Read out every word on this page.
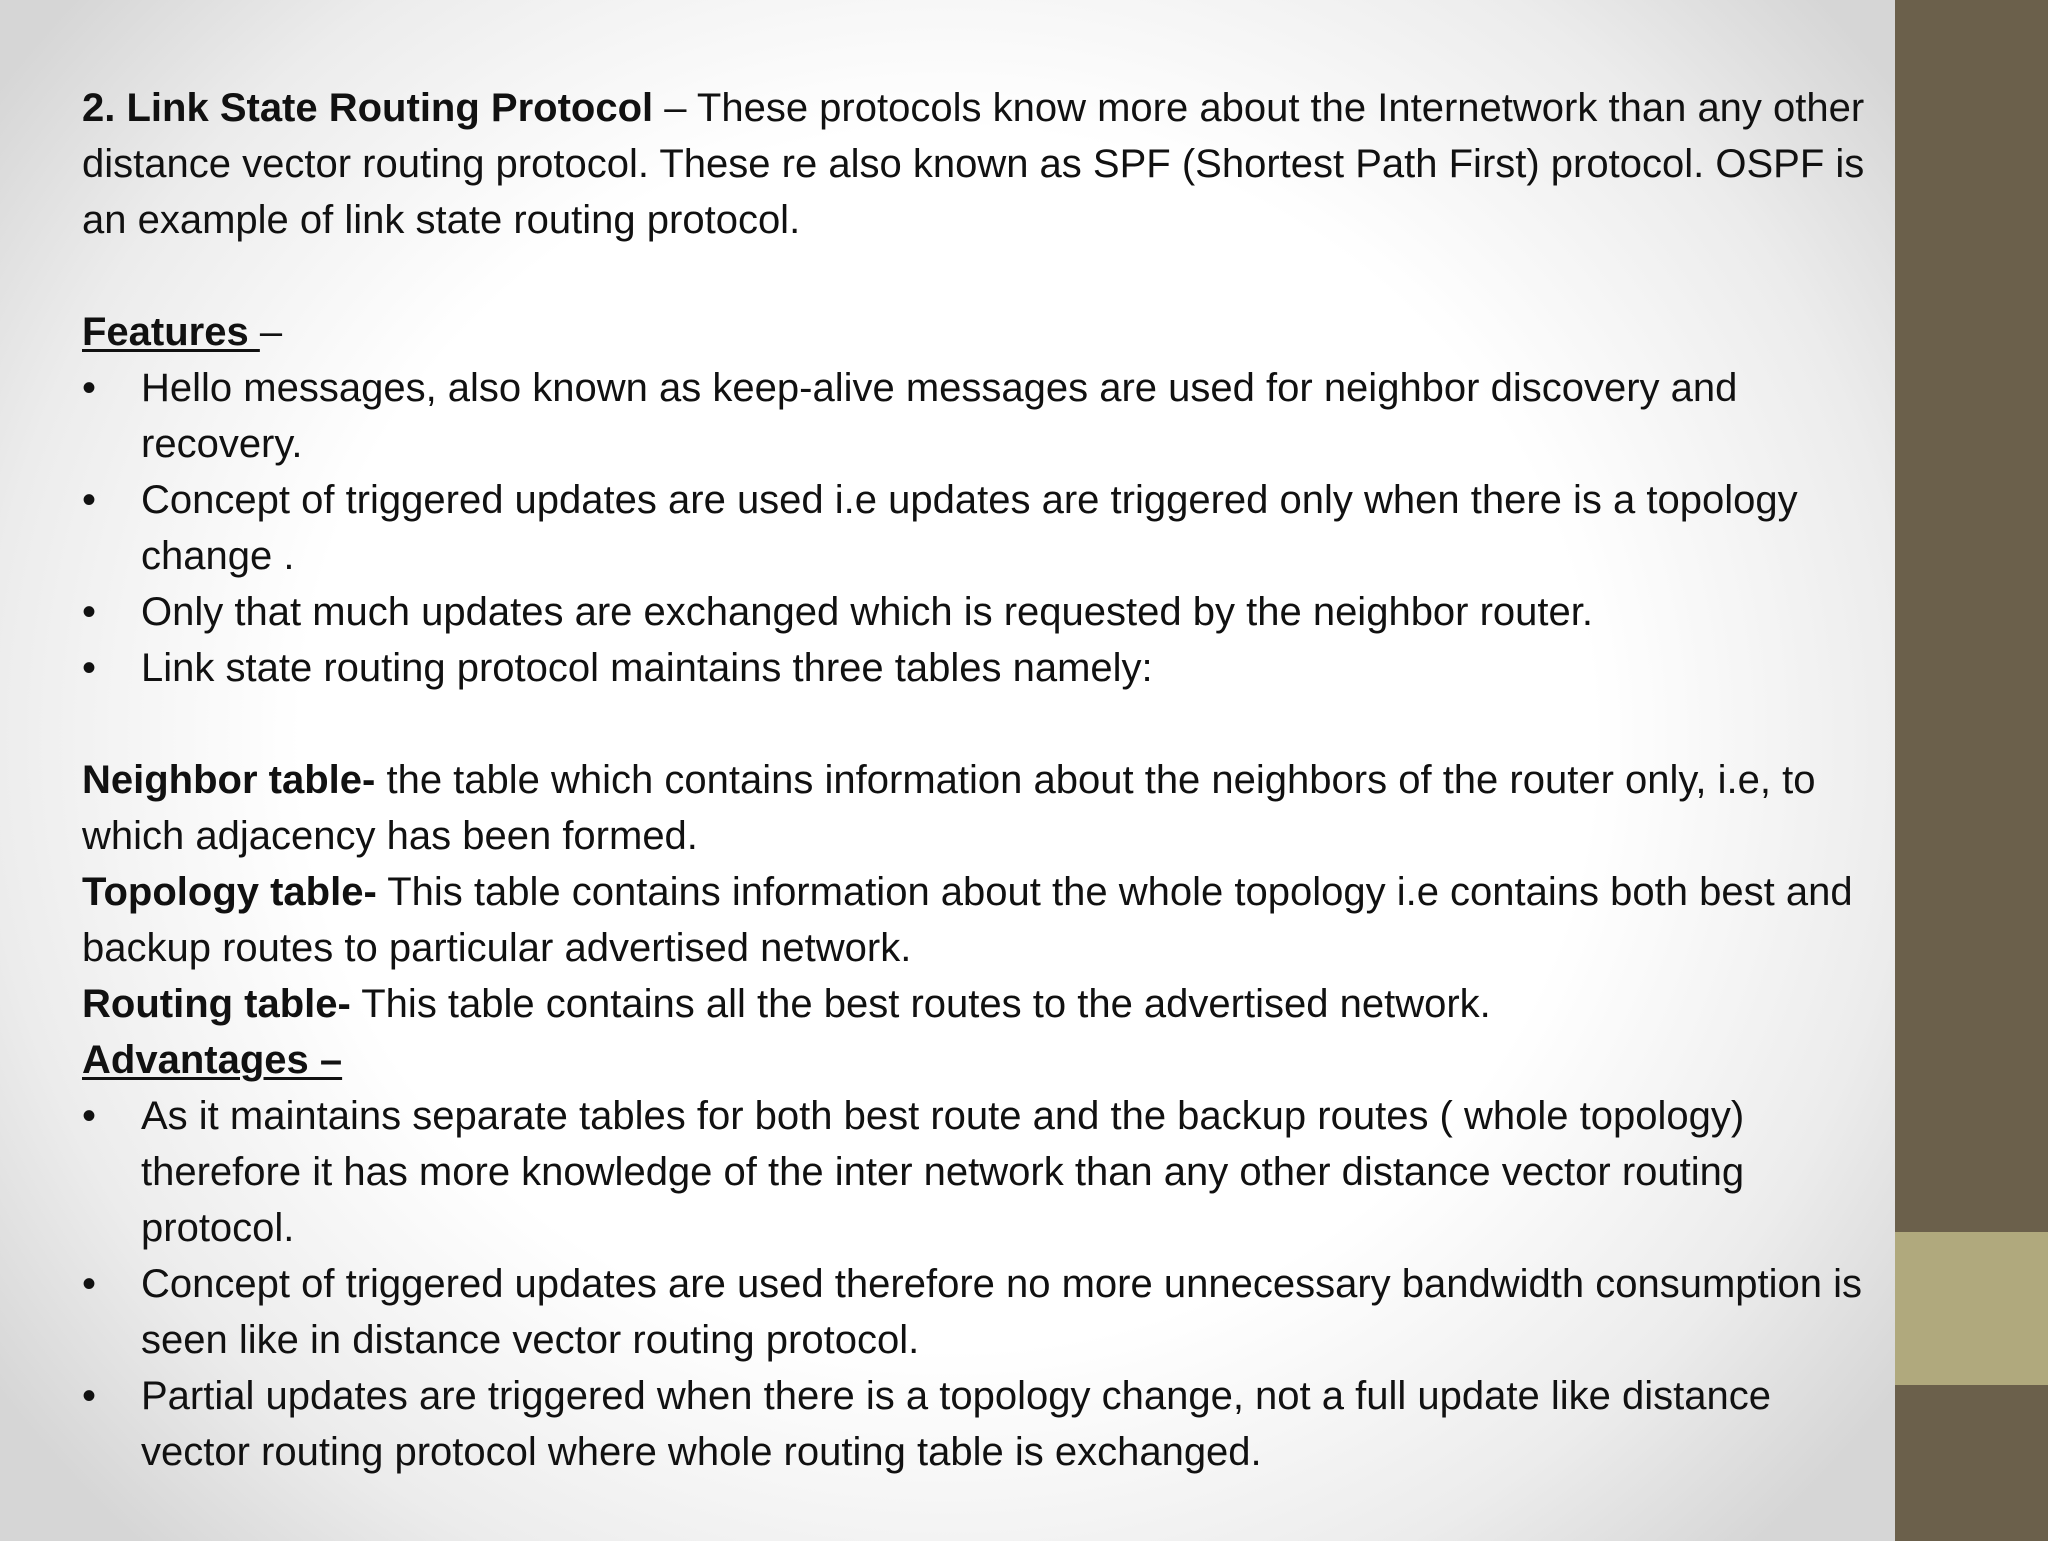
2. Link State Routing Protocol – These protocols know more about the Internetwork than any other distance vector routing protocol. These re also known as SPF (Shortest Path First) protocol. OSPF is an example of link state routing protocol.

Features –

• Hello messages, also known as keep-alive messages are used for neighbor discovery and recovery.
• Concept of triggered updates are used i.e updates are triggered only when there is a topology change .
• Only that much updates are exchanged which is requested by the neighbor router.
• Link state routing protocol maintains three tables namely:

Neighbor table- the table which contains information about the neighbors of the router only, i.e, to which adjacency has been formed.

Topology table- This table contains information about the whole topology i.e contains both best and backup routes to particular advertised network.

Routing table- This table contains all the best routes to the advertised network.

Advantages –

• As it maintains separate tables for both best route and the backup routes ( whole topology) therefore it has more knowledge of the inter network than any other distance vector routing protocol.
• Concept of triggered updates are used therefore no more unnecessary bandwidth consumption is seen like in distance vector routing protocol.
• Partial updates are triggered when there is a topology change, not a full update like distance vector routing protocol where whole routing table is exchanged.
